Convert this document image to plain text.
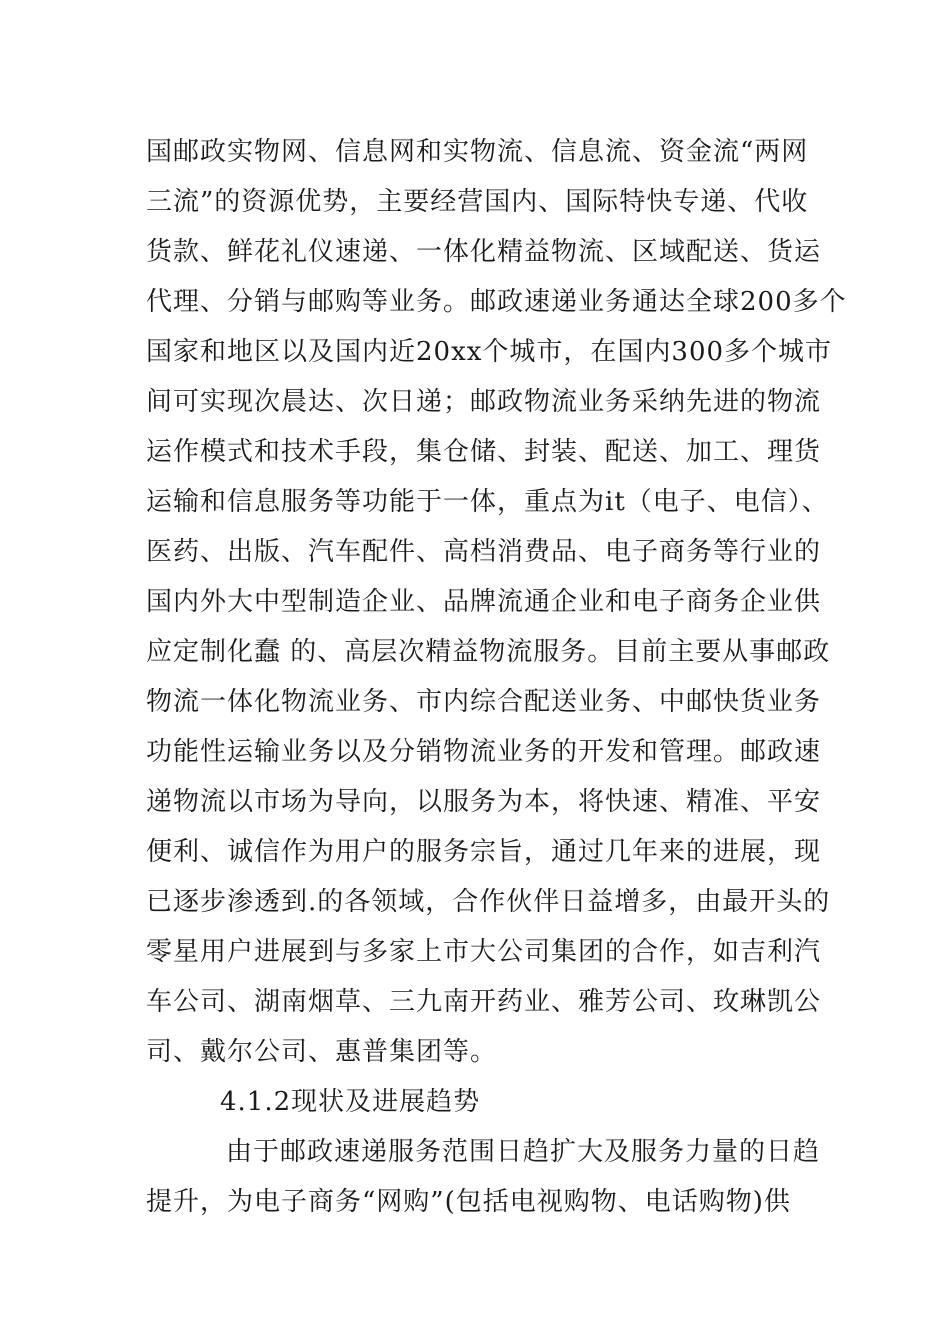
国邮政实物网、信息网和实物流、信息流、资金流“两网
三流”的资源优势，主要经营国内、国际特快专递、代收
货款、鲜花礼仪速递、一体化精益物流、区域配送、货运
代理、分销与邮购等业务。邮政速递业务通达全球200多个
国家和地区以及国内近20xx个城市，在国内300多个城市
间可实现次晨达、次日递；邮政物流业务采纳先进的物流
运作模式和技术手段，集仓储、封装、配送、加工、理货
运输和信息服务等功能于一体，重点为it（电子、电信）、
医药、出版、汽车配件、高档消费品、电子商务等行业的
国内外大中型制造企业、品牌流通企业和电子商务企业供
应定制化蠢 的、高层次精益物流服务。目前主要从事邮政
物流一体化物流业务、市内综合配送业务、中邮快货业务
功能性运输业务以及分销物流业务的开发和管理。邮政速
递物流以市场为导向，以服务为本，将快速、精准、平安
便利、诚信作为用户的服务宗旨，通过几年来的进展，现
已逐步渗透到.的各领域，合作伙伴日益增多，由最开头的
零星用户进展到与多家上市大公司集团的合作，如吉利汽
车公司、湖南烟草、三九南开药业、雅芳公司、玫琳凯公
司、戴尔公司、惠普集团等。
4.1.2现状及进展趋势
由于邮政速递服务范围日趋扩大及服务力量的日趋
提升，为电子商务“网购”(包括电视购物、电话购物)供
